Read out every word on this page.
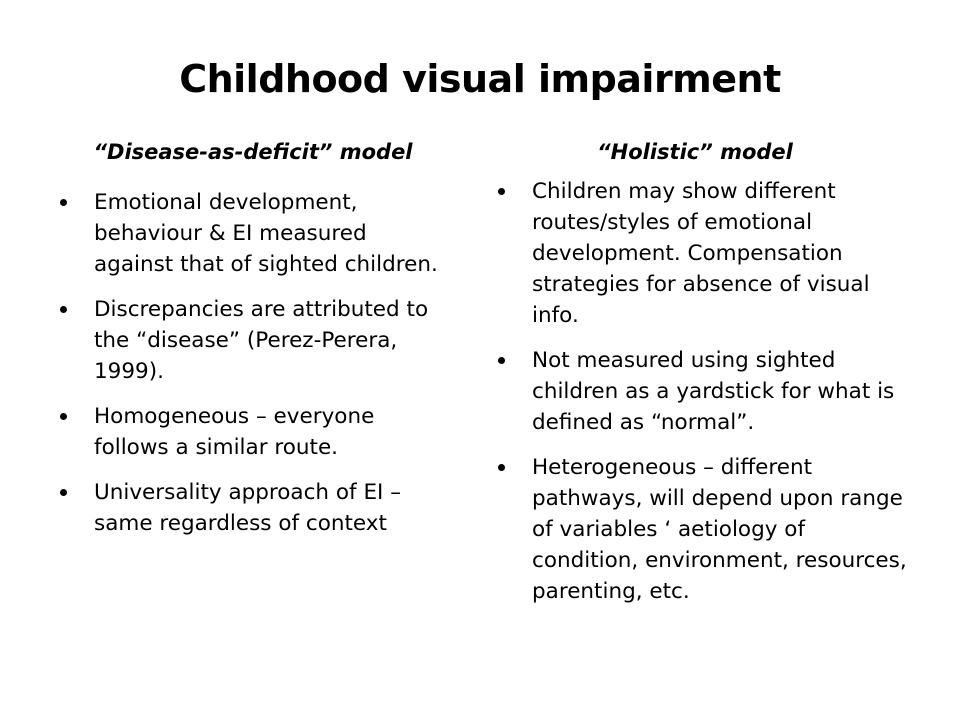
Childhood visual impairment
“Disease-as-deficit” model	“Holistic” model
Emotional development, behaviour & EI measured against that of sighted children.
Discrepancies are attributed to the “disease” (Perez-Perera, 1999).
Homogeneous – everyone follows a similar route.
Universality approach of EI – same regardless of context
Children may show different routes/styles of emotional development. Compensation strategies for absence of visual info.
Not measured using sighted children as a yardstick for what is defined as “normal”.
Heterogeneous – different pathways, will depend upon range of variables ‘ aetiology of condition, environment, resources, parenting, etc.
